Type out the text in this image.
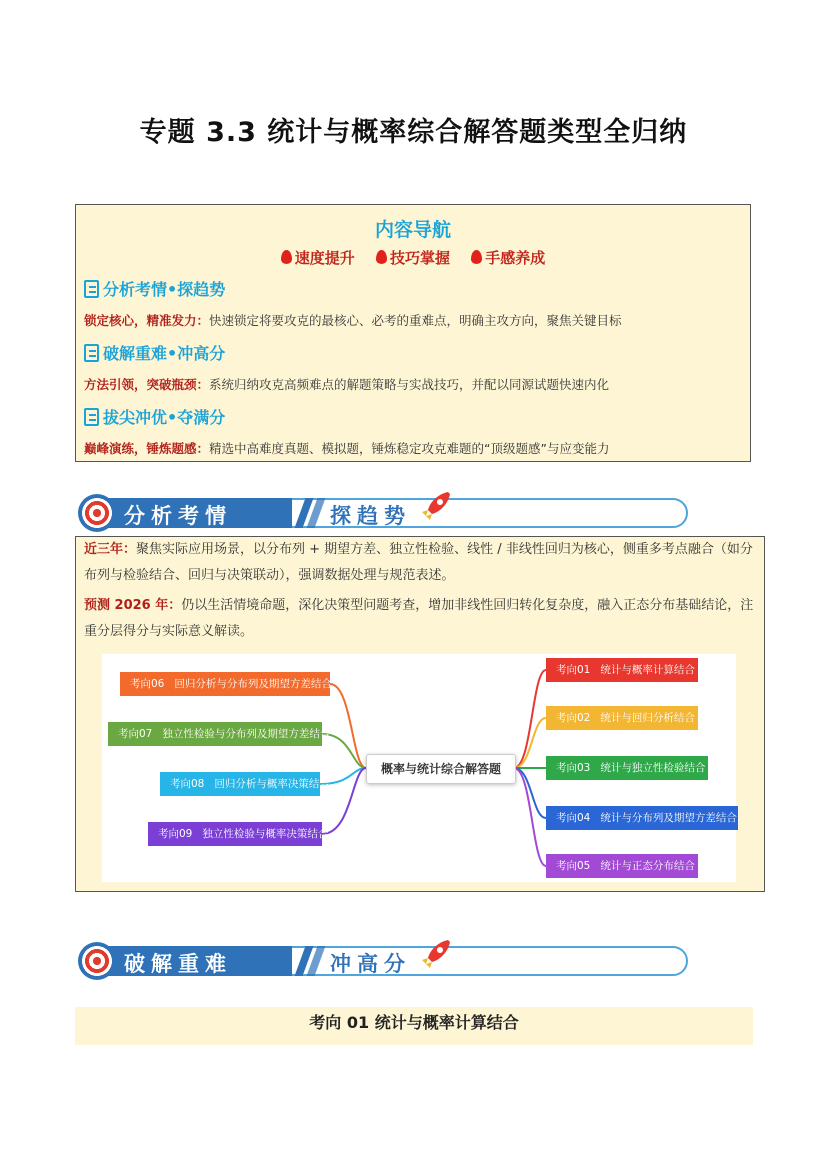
专题 3.3 统计与概率综合解答题类型全归纳
内容导航
速度提升 技巧掌握 手感养成
分析考情•探趋势
锁定核心，精准发力：快速锁定将要攻克的最核心、必考的重难点，明确主攻方向，聚焦关键目标
破解重难•冲高分
方法引领，突破瓶颈：系统归纳攻克高频难点的解题策略与实战技巧，并配以同源试题快速内化
拔尖冲优•夺满分
巅峰演练，锤炼题感：精选中高难度真题、模拟题，锤炼稳定攻克难题的“顶级题感”与应变能力
分析考情	探趋势
近三年：聚焦实际应用场景，以分布列 + 期望方差、独立性检验、线性 / 非线性回归为核心，侧重多考点融合（如分布列与检验结合、回归与决策联动），强调数据处理与规范表述。
预测 2026 年：仍以生活情境命题，深化决策型问题考查，增加非线性回归转化复杂度，融入正态分布基础结论，注重分层得分与实际意义解读。
概率与统计综合解答题
考向06 回归分析与分布列及期望方差结合
考向07 独立性检验与分布列及期望方差结合
考向08 回归分析与概率决策结合
考向09 独立性检验与概率决策结合
考向01 统计与概率计算结合
考向02 统计与回归分析结合
考向03 统计与独立性检验结合
考向04 统计与分布列及期望方差结合
考向05 统计与正态分布结合
破解重难	冲高分
考向 01 统计与概率计算结合
